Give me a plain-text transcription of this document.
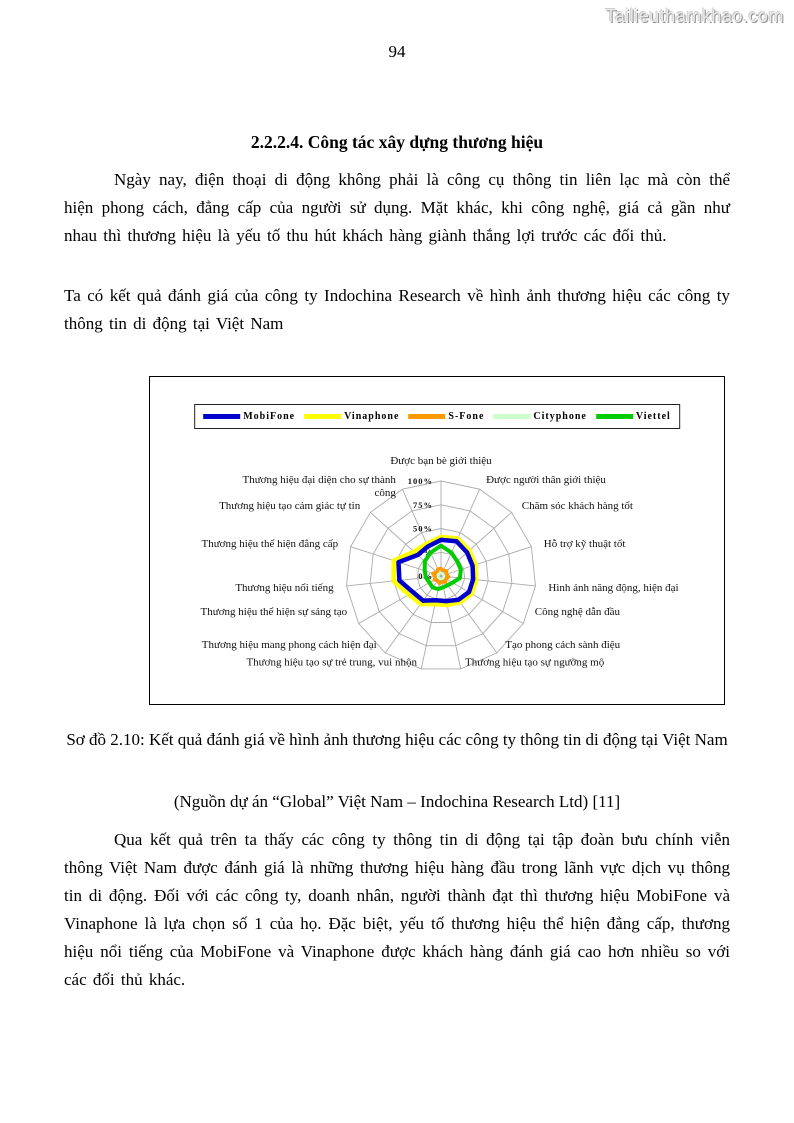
Tailieuthamkhao.com
94
2.2.2.4. Công tác xây dựng thương hiệu
Ngày nay, điện thoại di động không phải là công cụ thông tin liên lạc mà còn thể hiện phong cách, đẳng cấp của người sử dụng. Mặt khác, khi công nghệ, giá cả gần như nhau thì thương hiệu là yếu tố thu hút khách hàng giành thắng lợi trước các đối thủ.
Ta có kết quả đánh giá của công ty Indochina Research về hình ảnh thương hiệu các công ty thông tin di động tại Việt Nam
MobiFone	Vinaphone	S-Fone	Cityphone	Viettel
100%
75%
50%
25%
0%
Được bạn bè giới thiệu
Được người thân giới thiệu
Chăm sóc khách hàng tốt
Hỗ trợ kỹ thuật tốt
Hình ảnh năng động, hiện đại
Công nghệ dẫn đầu
Tạo phong cách sành điệu
Thương hiệu tạo sự ngưỡng mộ
Thương hiệu tạo sự trẻ trung, vui nhộn
Thương hiệu mang phong cách hiện đại
Thương hiệu thể hiện sự sáng tạo
Thương hiệu nổi tiếng
Thương hiệu thể hiện đẳng cấp
Thương hiệu tạo cảm giác tự tin
Thương hiệu đại diện cho sự thành công
Sơ đồ 2.10: Kết quả đánh giá về hình ảnh thương hiệu các công ty thông tin di động tại Việt Nam
(Nguồn dự án “Global” Việt Nam – Indochina Research Ltd) [11]
Qua kết quả trên ta thấy các công ty thông tin di động tại tập đoàn bưu chính viễn thông Việt Nam được đánh giá là những thương hiệu hàng đầu trong lãnh vực dịch vụ thông tin di động. Đối với các công ty, doanh nhân, người thành đạt thì thương hiệu MobiFone và Vinaphone là lựa chọn số 1 của họ. Đặc biệt, yếu tố thương hiệu thể hiện đẳng cấp, thương hiệu nổi tiếng của MobiFone và Vinaphone được khách hàng đánh giá cao hơn nhiều so với các đối thủ khác.
